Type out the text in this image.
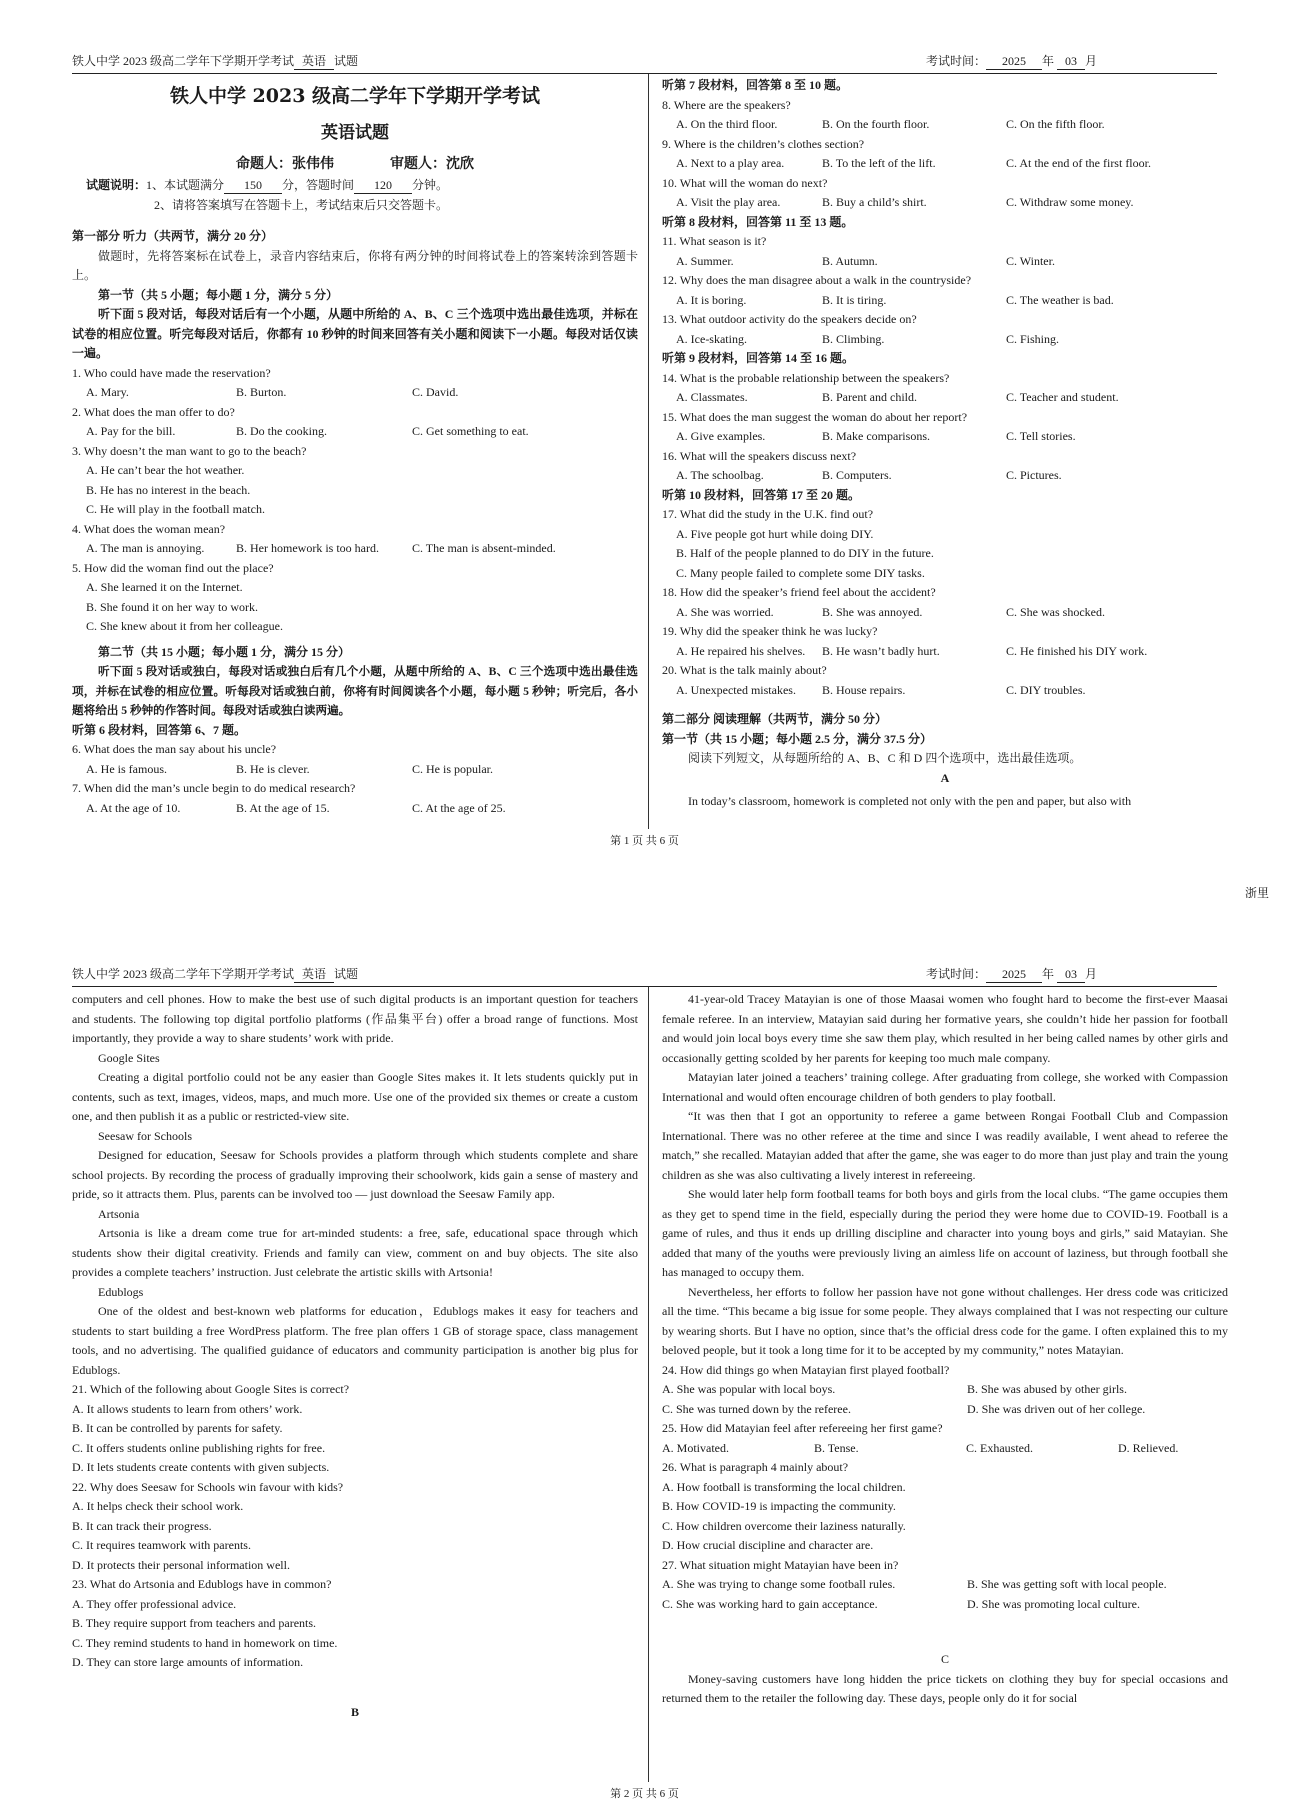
铁人中学 2023 级高二学年下学期开学考试 英语 试题	考试时间： 2025 年 03 月
铁人中学 2023 级高二学年下学期开学考试
英语试题
命题人：张伟伟	审题人：沈欣
试题说明：1、本试题满分 150 分，答题时间 120 分钟。
2、请将答案填写在答题卡上，考试结束后只交答题卡。
第一部分 听力（共两节，满分 20 分）
做题时，先将答案标在试卷上，录音内容结束后，你将有两分钟的时间将试卷上的答案转涂到答题卡上。
第一节（共 5 小题；每小题 1 分，满分 5 分）
听下面 5 段对话，每段对话后有一个小题，从题中所给的 A、B、C 三个选项中选出最佳选项，并标在试卷的相应位置。听完每段对话后，你都有 10 秒钟的时间来回答有关小题和阅读下一小题。每段对话仅读一遍。
1. Who could have made the reservation?
A. Mary.	B. Burton.	C. David.
2. What does the man offer to do?
A. Pay for the bill.	B. Do the cooking.	C. Get something to eat.
3. Why doesn’t the man want to go to the beach?
A. He can’t bear the hot weather.
B. He has no interest in the beach.
C. He will play in the football match.
4. What does the woman mean?
A. The man is annoying.	B. Her homework is too hard.	C. The man is absent-minded.
5. How did the woman find out the place?
A. She learned it on the Internet.
B. She found it on her way to work.
C. She knew about it from her colleague.
第二节（共 15 小题；每小题 1 分，满分 15 分）
听下面 5 段对话或独白，每段对话或独白后有几个小题，从题中所给的 A、B、C 三个选项中选出最佳选项，并标在试卷的相应位置。听每段对话或独白前，你将有时间阅读各个小题，每小题 5 秒钟；听完后，各小题将给出 5 秒钟的作答时间。每段对话或独白读两遍。
听第 6 段材料，回答第 6、7 题。
6. What does the man say about his uncle?
A. He is famous.	B. He is clever.	C. He is popular.
7. When did the man’s uncle begin to do medical research?
A. At the age of 10.	B. At the age of 15.	C. At the age of 25.
听第 7 段材料，回答第 8 至 10 题。
8. Where are the speakers?
A. On the third floor.	B. On the fourth floor.	C. On the fifth floor.
9. Where is the children’s clothes section?
A. Next to a play area.	B. To the left of the lift.	C. At the end of the first floor.
10. What will the woman do next?
A. Visit the play area.	B. Buy a child’s shirt.	C. Withdraw some money.
听第 8 段材料，回答第 11 至 13 题。
11. What season is it?
A. Summer.	B. Autumn.	C. Winter.
12. Why does the man disagree about a walk in the countryside?
A. It is boring.	B. It is tiring.	C. The weather is bad.
13. What outdoor activity do the speakers decide on?
A. Ice-skating.	B. Climbing.	C. Fishing.
听第 9 段材料，回答第 14 至 16 题。
14. What is the probable relationship between the speakers?
A. Classmates.	B. Parent and child.	C. Teacher and student.
15. What does the man suggest the woman do about her report?
A. Give examples.	B. Make comparisons.	C. Tell stories.
16. What will the speakers discuss next?
A. The schoolbag.	B. Computers.	C. Pictures.
听第 10 段材料，回答第 17 至 20 题。
17. What did the study in the U.K. find out?
A. Five people got hurt while doing DIY.
B. Half of the people planned to do DIY in the future.
C. Many people failed to complete some DIY tasks.
18. How did the speaker’s friend feel about the accident?
A. She was worried.	B. She was annoyed.	C. She was shocked.
19. Why did the speaker think he was lucky?
A. He repaired his shelves.	B. He wasn’t badly hurt.	C. He finished his DIY work.
20. What is the talk mainly about?
A. Unexpected mistakes.	B. House repairs.	C. DIY troubles.
第二部分 阅读理解（共两节，满分 50 分）
第一节（共 15 小题；每小题 2.5 分，满分 37.5 分）
阅读下列短文，从每题所给的 A、B、C 和 D 四个选项中，选出最佳选项。
A
In today’s classroom, homework is completed not only with the pen and paper, but also with
第 1 页 共 6 页
铁人中学 2023 级高二学年下学期开学考试 英语 试题	考试时间： 2025 年 03 月
computers and cell phones. How to make the best use of such digital products is an important question for teachers and students. The following top digital portfolio platforms (作品集平台) offer a broad range of functions. Most importantly, they provide a way to share students’ work with pride.
Google Sites
Creating a digital portfolio could not be any easier than Google Sites makes it. It lets students quickly put in contents, such as text, images, videos, maps, and much more. Use one of the provided six themes or create a custom one, and then publish it as a public or restricted-view site.
Seesaw for Schools
Designed for education, Seesaw for Schools provides a platform through which students complete and share school projects. By recording the process of gradually improving their schoolwork, kids gain a sense of mastery and pride, so it attracts them. Plus, parents can be involved too — just download the Seesaw Family app.
Artsonia
Artsonia is like a dream come true for art-minded students: a free, safe, educational space through which students show their digital creativity. Friends and family can view, comment on and buy objects. The site also provides a complete teachers’ instruction. Just celebrate the artistic skills with Artsonia!
Edublogs
One of the oldest and best-known web platforms for education，Edublogs makes it easy for teachers and students to start building a free WordPress platform. The free plan offers 1 GB of storage space, class management tools, and no advertising. The qualified guidance of educators and community participation is another big plus for Edublogs.
21. Which of the following about Google Sites is correct?
A. It allows students to learn from others’ work.
B. It can be controlled by parents for safety.
C. It offers students online publishing rights for free.
D. It lets students create contents with given subjects.
22. Why does Seesaw for Schools win favour with kids?
A. It helps check their school work.
B. It can track their progress.
C. It requires teamwork with parents.
D. It protects their personal information well.
23. What do Artsonia and Edublogs have in common?
A. They offer professional advice.
B. They require support from teachers and parents.
C. They remind students to hand in homework on time.
D. They can store large amounts of information.
B
41-year-old Tracey Matayian is one of those Maasai women who fought hard to become the first-ever Maasai female referee. In an interview, Matayian said during her formative years, she couldn’t hide her passion for football and would join local boys every time she saw them play, which resulted in her being called names by other girls and occasionally getting scolded by her parents for keeping too much male company.
Matayian later joined a teachers’ training college. After graduating from college, she worked with Compassion International and would often encourage children of both genders to play football.
“It was then that I got an opportunity to referee a game between Rongai Football Club and Compassion International. There was no other referee at the time and since I was readily available, I went ahead to referee the match,” she recalled. Matayian added that after the game, she was eager to do more than just play and train the young children as she was also cultivating a lively interest in refereeing.
She would later help form football teams for both boys and girls from the local clubs. “The game occupies them as they get to spend time in the field, especially during the period they were home due to COVID-19. Football is a game of rules, and thus it ends up drilling discipline and character into young boys and girls,” said Matayian. She added that many of the youths were previously living an aimless life on account of laziness, but through football she has managed to occupy them.
Nevertheless, her efforts to follow her passion have not gone without challenges. Her dress code was criticized all the time. “This became a big issue for some people. They always complained that I was not respecting our culture by wearing shorts. But I have no option, since that’s the official dress code for the game. I often explained this to my beloved people, but it took a long time for it to be accepted by my community,” notes Matayian.
24. How did things go when Matayian first played football?
A. She was popular with local boys.	B. She was abused by other girls.
C. She was turned down by the referee.	D. She was driven out of her college.
25. How did Matayian feel after refereeing her first game?
A. Motivated.	B. Tense.	C. Exhausted.	D. Relieved.
26. What is paragraph 4 mainly about?
A. How football is transforming the local children.
B. How COVID-19 is impacting the community.
C. How children overcome their laziness naturally.
D. How crucial discipline and character are.
27. What situation might Matayian have been in?
A. She was trying to change some football rules.	B. She was getting soft with local people.
C. She was working hard to gain acceptance.	D. She was promoting local culture.
C
Money-saving customers have long hidden the price tickets on clothing they buy for special occasions and returned them to the retailer the following day. These days, people only do it for social
第 2 页 共 6 页
浙里
